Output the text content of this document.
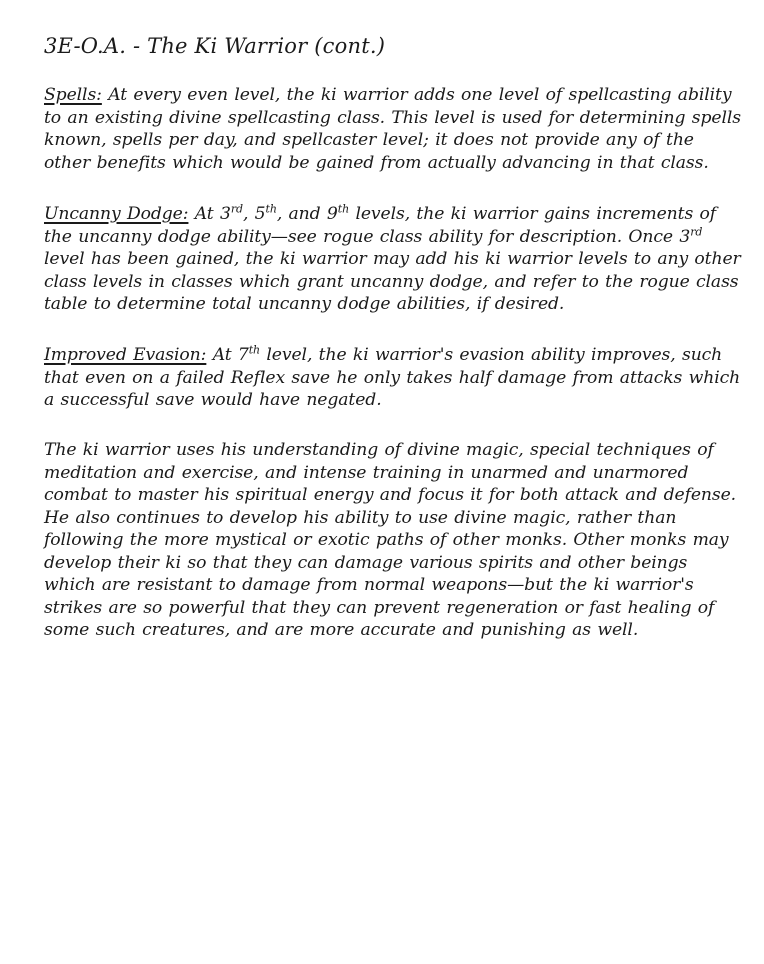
3E-O.A. - The Ki Warrior (cont.)

Spells: At every even level, the ki warrior adds one level of spellcasting ability to an existing divine spellcasting class. This level is used for determining spells known, spells per day, and spellcaster level; it does not provide any of the other benefits which would be gained from actually advancing in that class.

Uncanny Dodge: At 3rd, 5th, and 9th levels, the ki warrior gains increments of the uncanny dodge ability—see rogue class ability for description. Once 3rd level has been gained, the ki warrior may add his ki warrior levels to any other class levels in classes which grant uncanny dodge, and refer to the rogue class table to determine total uncanny dodge abilities, if desired.

Improved Evasion: At 7th level, the ki warrior's evasion ability improves, such that even on a failed Reflex save he only takes half damage from attacks which a successful save would have negated.

The ki warrior uses his understanding of divine magic, special techniques of meditation and exercise, and intense training in unarmed and unarmored combat to master his spiritual energy and focus it for both attack and defense. He also continues to develop his ability to use divine magic, rather than following the more mystical or exotic paths of other monks. Other monks may develop their ki so that they can damage various spirits and other beings which are resistant to damage from normal weapons—but the ki warrior's strikes are so powerful that they can prevent regeneration or fast healing of some such creatures, and are more accurate and punishing as well.
